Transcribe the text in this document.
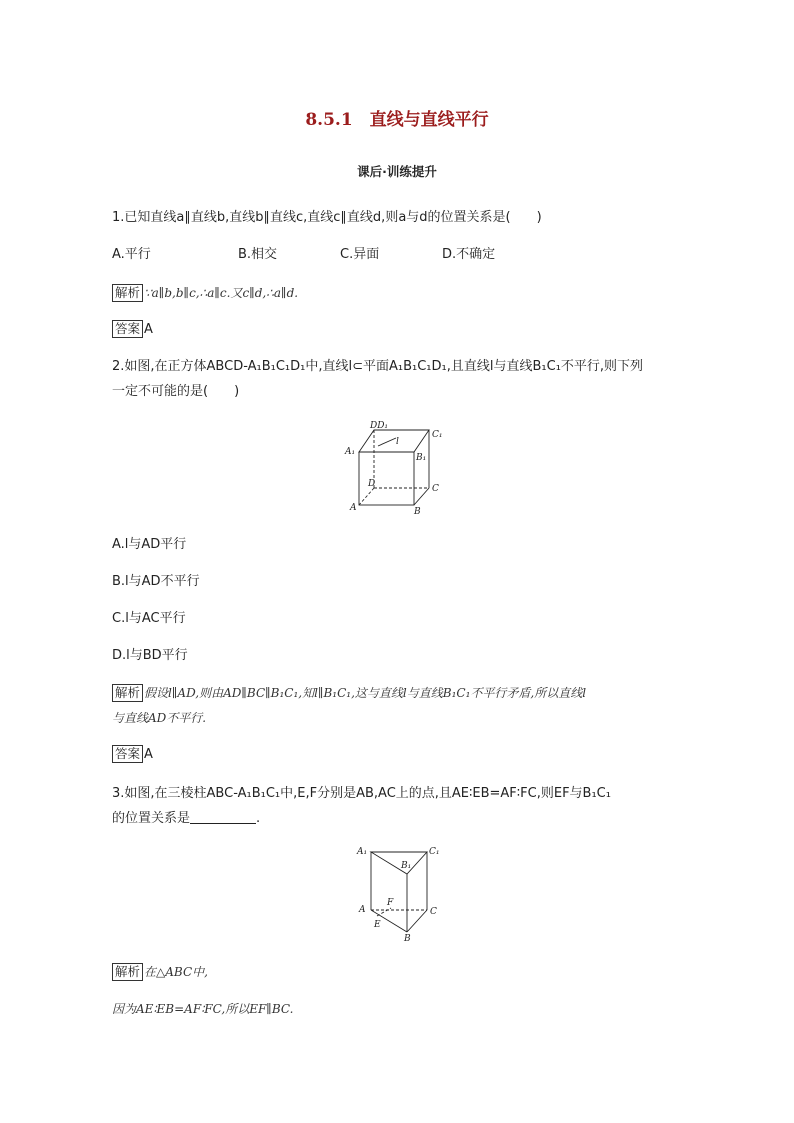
8.5.1　直线与直线平行
课后·训练提升
1.已知直线a∥直线b,直线b∥直线c,直线c∥直线d,则a与d的位置关系是(　　)
A.平行	B.相交	C.异面	D.不确定
解析 ∵a∥b,b∥c,∴a∥c.又c∥d,∴a∥d.
答案 A
2.如图,在正方体ABCD-A₁B₁C₁D₁中,直线l⊂平面A₁B₁C₁D₁,且直线l与直线B₁C₁不平行,则下列
一定不可能的是(　　)
DD₁
C₁
A₁
B₁
l
D	C
A	B
A.l与AD平行
B.l与AD不平行
C.l与AC平行
D.l与BD平行
解析 假设l∥AD,则由AD∥BC∥B₁C₁,知l∥B₁C₁,这与直线l与直线B₁C₁不平行矛盾,所以直线l
与直线AD不平行.
答案 A
3.如图,在三棱柱ABC-A₁B₁C₁中,E,F分别是AB,AC上的点,且AE∶EB=AF∶FC,则EF与B₁C₁
的位置关系是	.
A₁
B₁
C₁
A
F
C
E
B
解析 在△ABC中,
因为AE∶EB=AF∶FC,所以EF∥BC.
